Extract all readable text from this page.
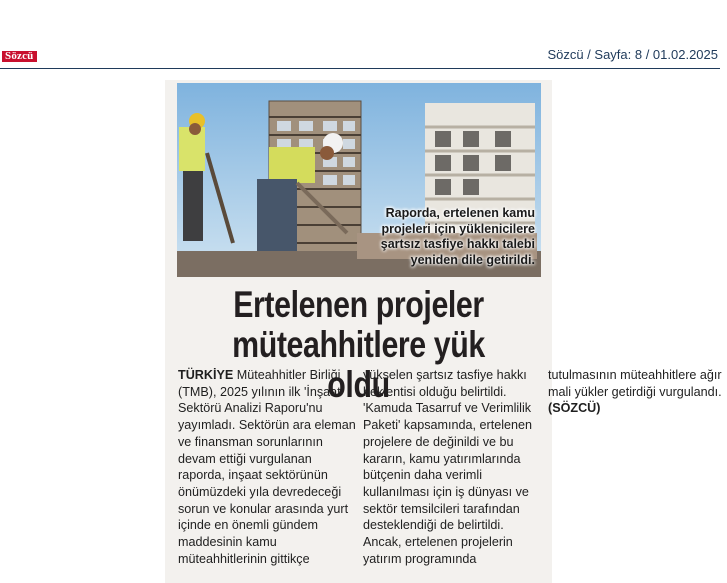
Sözcü	Sözcü / Sayfa: 8 / 01.02.2025
Raporda, ertelenen kamu projeleri için yüklenicilere şartsız tasfiye hakkı talebi yeniden dile getirildi.
Ertelenen projeler
müteahhitlere yük oldu

TÜRKİYE Müteahhitler Birliği (TMB), 2025 yılının ilk 'İnşaat Sektörü Analizi Raporu'nu yayımladı. Sektörün ara eleman ve finansman sorunlarının devam ettiği vurgulanan raporda, inşaat sektörünün önümüzdeki yıla devredeceği sorun ve konular arasında yurt içinde en önemli gündem maddesinin kamu müteahhitlerinin gittikçe yükselen şartsız tasfiye hakkı beklentisi olduğu belirtildi. 'Kamuda Tasarruf ve Verimlilik Paketi' kapsamında, ertelenen projelere de değinildi ve bu kararın, kamu yatırımlarında bütçenin daha verimli kullanılması için iş dünyası ve sektör temsilcileri tarafından desteklendiği de belirtildi. Ancak, ertelenen projelerin yatırım programında tutulmasının müteahhitlere ağır mali yükler getirdiği vurgulandı. (SÖZCÜ)
